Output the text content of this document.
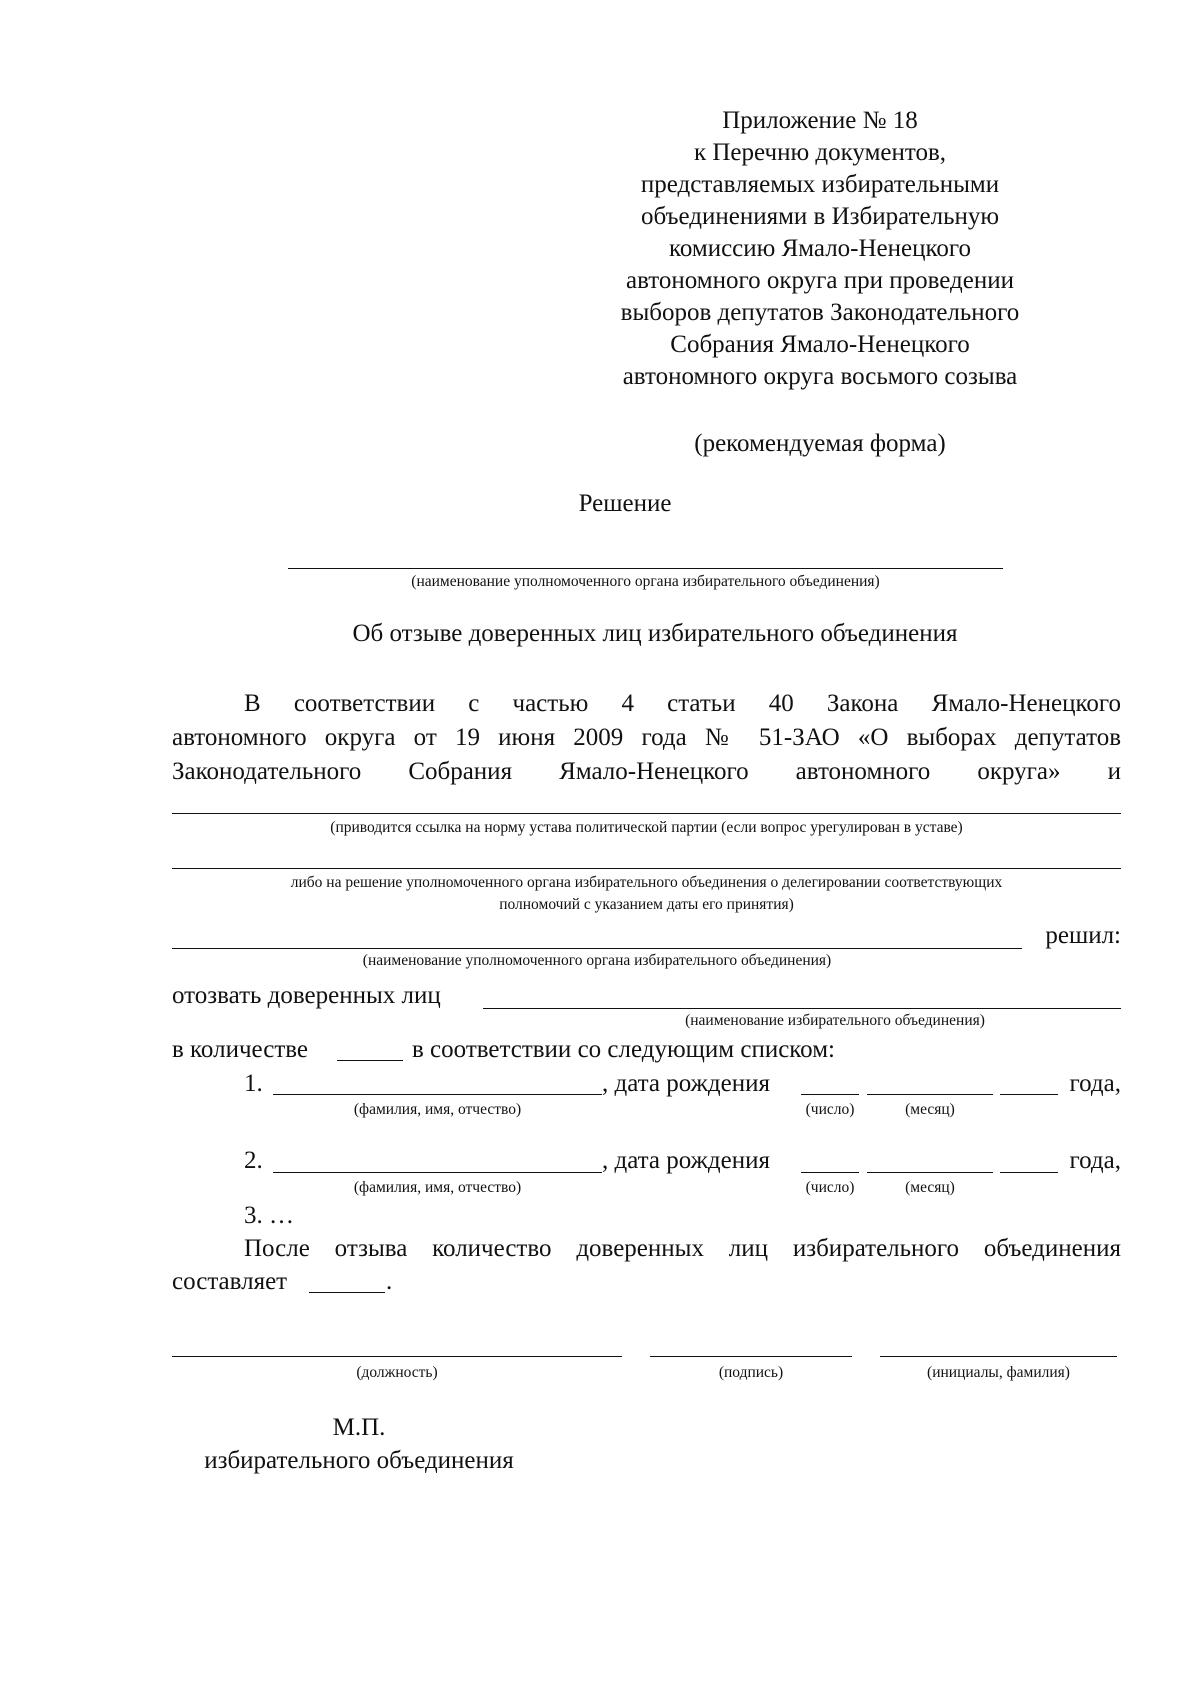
Приложение № 18
к Перечню документов,
представляемых избирательными
объединениями в Избирательную
комиссию Ямало-Ненецкого
автономного округа при проведении
выборов депутатов Законодательного
Собрания Ямало-Ненецкого
автономного округа восьмого созыва
(рекомендуемая форма)
Решение
(наименование уполномоченного органа избирательного объединения)
Об отзыве доверенных лиц избирательного объединения
В соответствии с частью 4 статьи 40 Закона Ямало-Ненецкого
автономного округа от 19 июня 2009 года № 51-ЗАО «О выборах депутатов
Законодательного Собрания Ямало-Ненецкого автономного округа» и
(приводится ссылка на норму устава политической партии (если вопрос урегулирован в уставе)
либо на решение уполномоченного органа избирательного объединения о делегировании соответствующих
полномочий с указанием даты его принятия)
решил:
(наименование уполномоченного органа избирательного объединения)
отозвать доверенных лиц
(наименование избирательного объединения)
в количестве	в соответствии со следующим списком:
1.	, дата рождения	года,
(фамилия, имя, отчество)	(число)	(месяц)
2.	, дата рождения	года,
(фамилия, имя, отчество)	(число)	(месяц)
3. …
После отзыва количество доверенных лиц избирательного объединения
составляет	.
(должность)	(подпись)	(инициалы, фамилия)
М.П.
избирательного объединения
